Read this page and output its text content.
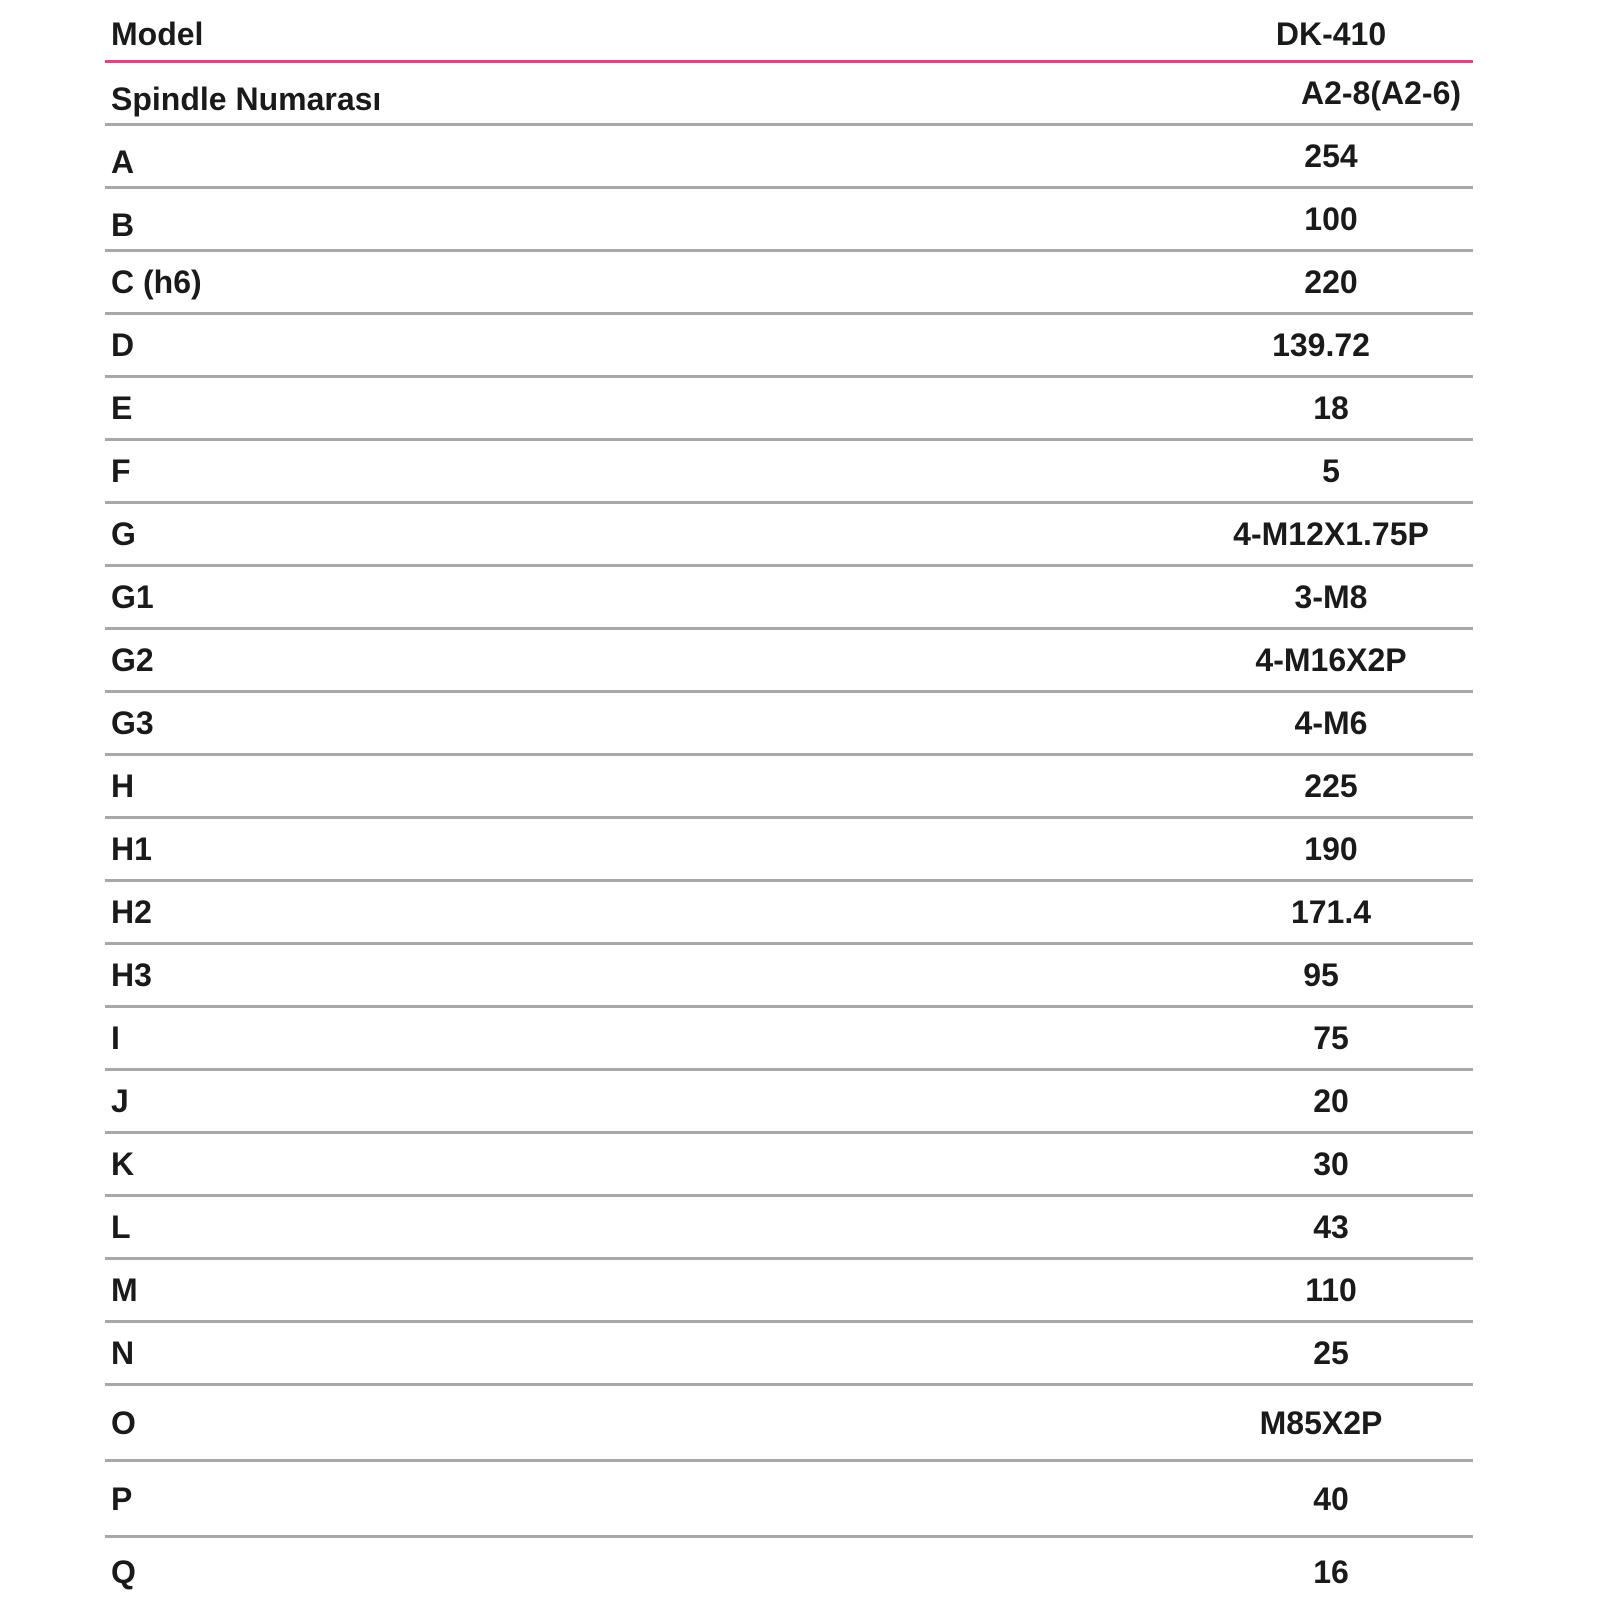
Model	DK-410
Spindle Numarası	A2-8(A2-6)
A	254
B	100
C (h6)	220
D	139.72
E	18
F	5
G	4-M12X1.75P
G1	3-M8
G2	4-M16X2P
G3	4-M6
H	225
H1	190
H2	171.4
H3	95
I	75
J	20
K	30
L	43
M	110
N	25
O	M85X2P
P	40
Q	16
